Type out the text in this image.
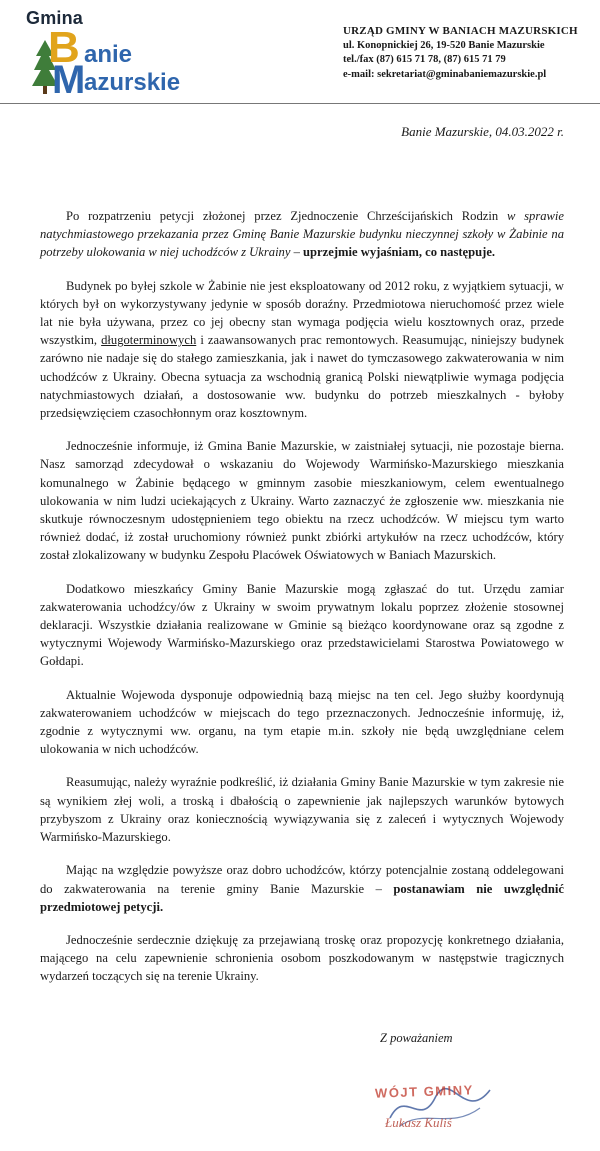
Gmina
B anie
M
azurskie
URZĄD GMINY W BANIACH MAZURSKICH
ul. Konopnickiej 26, 19-520 Banie Mazurskie
tel./fax (87) 615 71 78, (87) 615 71 79
e-mail: sekretariat@gminabaniemazurskie.pl
Banie Mazurskie, 04.03.2022 r.

Po rozpatrzeniu petycji złożonej przez Zjednoczenie Chrześcijańskich Rodzin w sprawie natychmiastowego przekazania przez Gminę Banie Mazurskie budynku nieczynnej szkoły w Żabinie na potrzeby ulokowania w niej uchodźców z Ukrainy – uprzejmie wyjaśniam, co następuje.

Budynek po byłej szkole w Żabinie nie jest eksploatowany od 2012 roku, z wyjątkiem sytuacji, w których był on wykorzystywany jedynie w sposób doraźny. Przedmiotowa nieruchomość przez wiele lat nie była używana, przez co jej obecny stan wymaga podjęcia wielu kosztownych oraz, przede wszystkim, długoterminowych i zaawansowanych prac remontowych. Reasumując, niniejszy budynek zarówno nie nadaje się do stałego zamieszkania, jak i nawet do tymczasowego zakwaterowania w nim uchodźców z Ukrainy. Obecna sytuacja za wschodnią granicą Polski niewątpliwie wymaga podjęcia natychmiastowych działań, a dostosowanie ww. budynku do potrzeb mieszkalnych - byłoby przedsięwzięciem czasochłonnym oraz kosztownym.

Jednocześnie informuje, iż Gmina Banie Mazurskie, w zaistniałej sytuacji, nie pozostaje bierna. Nasz samorząd zdecydował o wskazaniu do Wojewody Warmińsko-Mazurskiego mieszkania komunalnego w Żabinie będącego w gminnym zasobie mieszkaniowym, celem ewentualnego ulokowania w nim ludzi uciekających z Ukrainy. Warto zaznaczyć że zgłoszenie ww. mieszkania nie skutkuje równoczesnym udostępnieniem tego obiektu na rzecz uchodźców. W miejscu tym warto również dodać, iż został uruchomiony również punkt zbiórki artykułów na rzecz uchodźców, który został zlokalizowany w budynku Zespołu Placówek Oświatowych w Baniach Mazurskich.

Dodatkowo mieszkańcy Gminy Banie Mazurskie mogą zgłaszać do tut. Urzędu zamiar zakwaterowania uchodźcy/ów z Ukrainy w swoim prywatnym lokalu poprzez złożenie stosownej deklaracji. Wszystkie działania realizowane w Gminie są bieżąco koordynowane oraz są zgodne z wytycznymi Wojewody Warmińsko-Mazurskiego oraz przedstawicielami Starostwa Powiatowego w Gołdapi.

Aktualnie Wojewoda dysponuje odpowiednią bazą miejsc na ten cel. Jego służby koordynują zakwaterowaniem uchodźców w miejscach do tego przeznaczonych. Jednocześnie informuję, iż, zgodnie z wytycznymi ww. organu, na tym etapie m.in. szkoły nie będą uwzględniane celem ulokowania w nich uchodźców.

Reasumując, należy wyraźnie podkreślić, iż działania Gminy Banie Mazurskie w tym zakresie nie są wynikiem złej woli, a troską i dbałością o zapewnienie jak najlepszych warunków bytowych przybyszom z Ukrainy oraz koniecznością wywiązywania się z zaleceń i wytycznych Wojewody Warmińsko-Mazurskiego.

Mając na względzie powyższe oraz dobro uchodźców, którzy potencjalnie zostaną oddelegowani do zakwaterowania na terenie gminy Banie Mazurskie – postanawiam nie uwzględnić przedmiotowej petycji.

Jednocześnie serdecznie dziękuję za przejawianą troskę oraz propozycję konkretnego działania, mającego na celu zapewnienie schronienia osobom poszkodowanym w następstwie tragicznych wydarzeń toczących się na terenie Ukrainy.

Z poważaniem
WÓJT GMINY
Łukasz Kuliś
